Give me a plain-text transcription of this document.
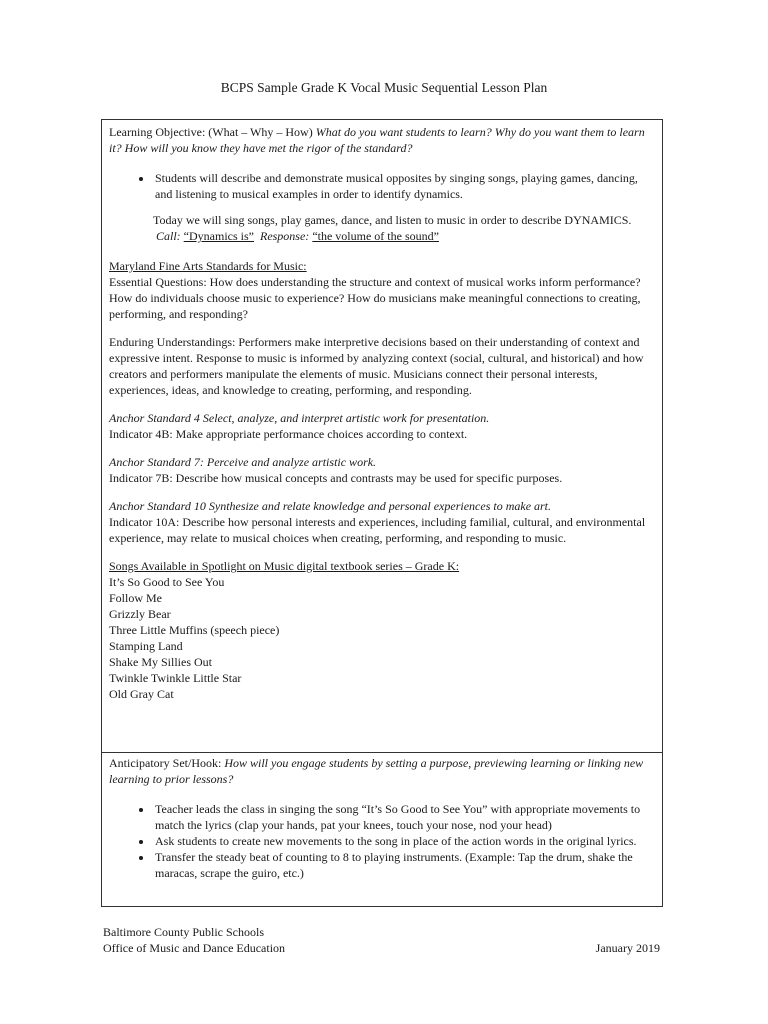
BCPS Sample Grade K Vocal Music Sequential Lesson Plan

Learning Objective: (What – Why – How) What do you want students to learn? Why do you want them to learn it? How will you know they have met the rigor of the standard?

• Students will describe and demonstrate musical opposites by singing songs, playing games, dancing, and listening to musical examples in order to identify dynamics.

Today we will sing songs, play games, dance, and listen to music in order to describe DYNAMICS.  Call: “Dynamics is” Response: “the volume of the sound”

Maryland Fine Arts Standards for Music:

Essential Questions: How does understanding the structure and context of musical works inform performance? How do individuals choose music to experience? How do musicians make meaningful connections to creating, performing, and responding?

Enduring Understandings: Performers make interpretive decisions based on their understanding of context and expressive intent. Response to music is informed by analyzing context (social, cultural, and historical) and how creators and performers manipulate the elements of music. Musicians connect their personal interests, experiences, ideas, and knowledge to creating, performing, and responding.

Anchor Standard 4 Select, analyze, and interpret artistic work for presentation.

Indicator 4B: Make appropriate performance choices according to context.

Anchor Standard 7: Perceive and analyze artistic work.

Indicator 7B: Describe how musical concepts and contrasts may be used for specific purposes.

Anchor Standard 10 Synthesize and relate knowledge and personal experiences to make art.

Indicator 10A: Describe how personal interests and experiences, including familial, cultural, and environmental experience, may relate to musical choices when creating, performing, and responding to music.

Songs Available in Spotlight on Music digital textbook series – Grade K:

It’s So Good to See You
Follow Me
Grizzly Bear
Three Little Muffins (speech piece)
Stamping Land
Shake My Sillies Out
Twinkle Twinkle Little Star
Old Gray Cat

Anticipatory Set/Hook: How will you engage students by setting a purpose, previewing learning or linking new learning to prior lessons?

• Teacher leads the class in singing the song “It’s So Good to See You” with appropriate movements to match the lyrics (clap your hands, pat your knees, touch your nose, nod your head)
• Ask students to create new movements to the song in place of the action words in the original lyrics.
• Transfer the steady beat of counting to 8 to playing instruments. (Example: Tap the drum, shake the maracas, scrape the guiro, etc.)
Baltimore County Public Schools
Office of Music and Dance Education	January 2019
